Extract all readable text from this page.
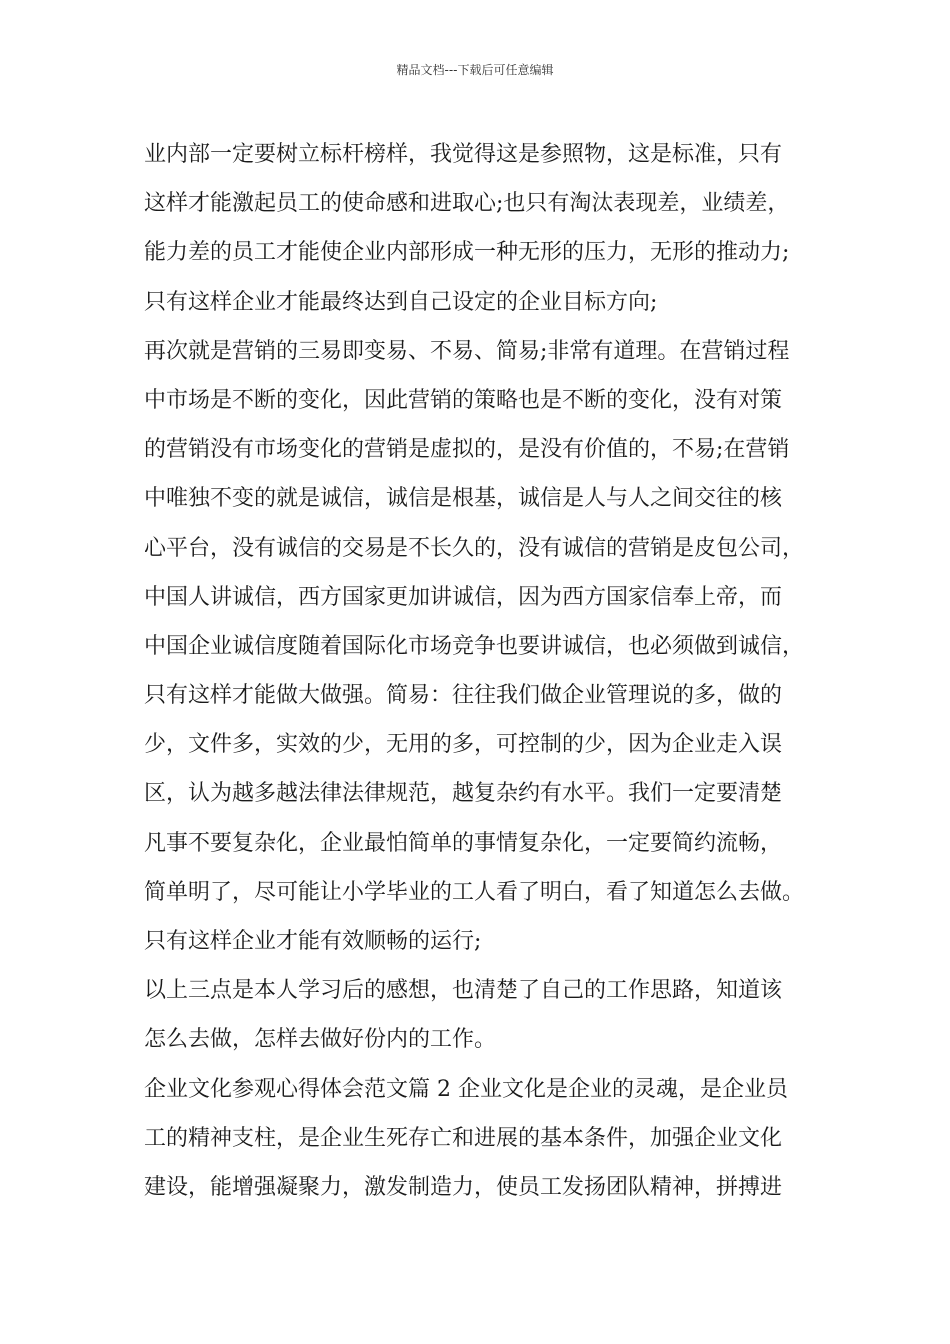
精品文档---下载后可任意编辑
业内部一定要树立标杆榜样，我觉得这是参照物，这是标准，只有
这样才能激起员工的使命感和进取心;也只有淘汰表现差，业绩差，
能力差的员工才能使企业内部形成一种无形的压力，无形的推动力;
只有这样企业才能最终达到自己设定的企业目标方向;
再次就是营销的三易即变易、不易、简易;非常有道理。在营销过程
中市场是不断的变化，因此营销的策略也是不断的变化，没有对策
的营销没有市场变化的营销是虚拟的，是没有价值的，不易;在营销
中唯独不变的就是诚信，诚信是根基，诚信是人与人之间交往的核
心平台，没有诚信的交易是不长久的，没有诚信的营销是皮包公司，
中国人讲诚信，西方国家更加讲诚信，因为西方国家信奉上帝，而
中国企业诚信度随着国际化市场竞争也要讲诚信，也必须做到诚信，
只有这样才能做大做强。简易：往往我们做企业管理说的多，做的
少，文件多，实效的少，无用的多，可控制的少，因为企业走入误
区，认为越多越法律法律规范，越复杂约有水平。我们一定要清楚
凡事不要复杂化，企业最怕简单的事情复杂化，一定要简约流畅，
简单明了，尽可能让小学毕业的工人看了明白，看了知道怎么去做。
只有这样企业才能有效顺畅的运行;
以上三点是本人学习后的感想，也清楚了自己的工作思路，知道该
怎么去做，怎样去做好份内的工作。
企业文化参观心得体会范文篇 2 企业文化是企业的灵魂，是企业员
工的精神支柱，是企业生死存亡和进展的基本条件，加强企业文化
建设，能增强凝聚力，激发制造力，使员工发扬团队精神，拼搏进
